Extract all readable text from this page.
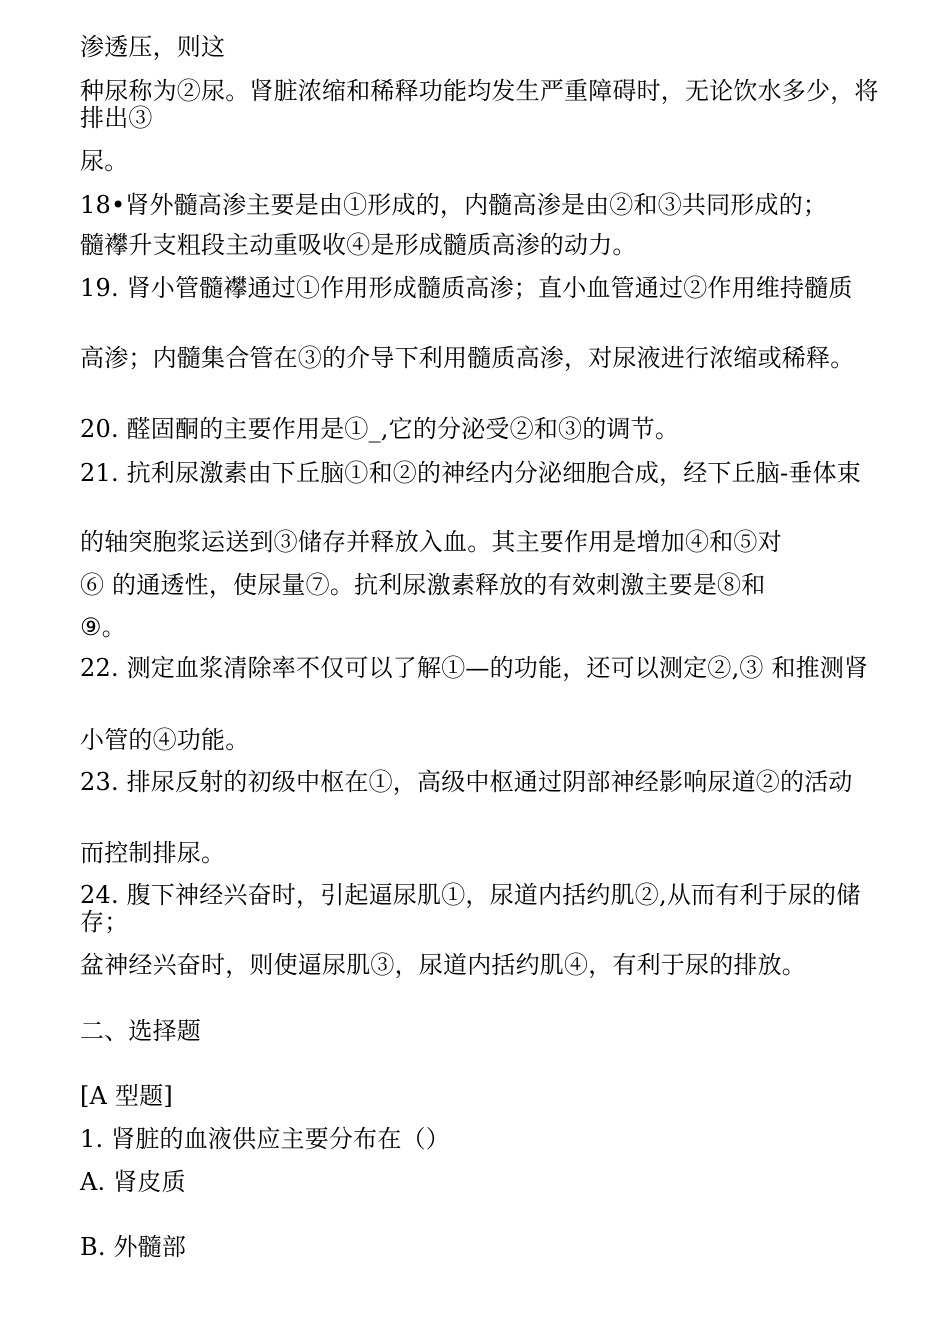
渗透压，则这
种尿称为②尿。肾脏浓缩和稀释功能均发生严重障碍时，无论饮水多少，将排出③
尿。
18•肾外髓高渗主要是由①形成的，内髓高渗是由②和③共同形成的；
髓襻升支粗段主动重吸收④是形成髓质高渗的动力。
19. 肾小管髓襻通过①作用形成髓质高渗；直小血管通过②作用维持髓质
高渗；内髓集合管在③的介导下利用髓质高渗，对尿液进行浓缩或稀释。
20. 醛固酮的主要作用是①_,它的分泌受②和③的调节。
21. 抗利尿激素由下丘脑①和②的神经内分泌细胞合成，经下丘脑-垂体束
的轴突胞浆运送到③储存并释放入血。其主要作用是增加④和⑤对
⑥ 的通透性，使尿量⑦。抗利尿激素释放的有效刺激主要是⑧和
⑨。
22. 测定血浆清除率不仅可以了解①—的功能，还可以测定②,③ 和推测肾
小管的④功能。
23. 排尿反射的初级中枢在①，高级中枢通过阴部神经影响尿道②的活动
而控制排尿。
24. 腹下神经兴奋时，引起逼尿肌①，尿道内括约肌②,从而有利于尿的储存；
盆神经兴奋时，则使逼尿肌③，尿道内括约肌④，有利于尿的排放。
二、选择题
[A 型题]
1. 肾脏的血液供应主要分布在（）
A. 肾皮质
B. 外髓部
